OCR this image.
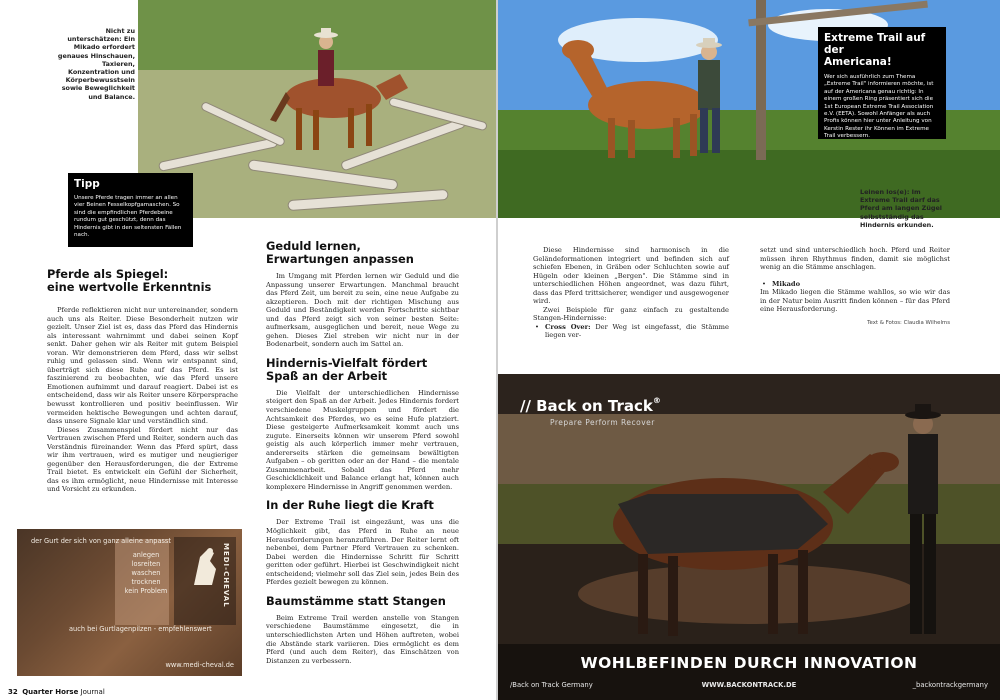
Nicht zu unterschätzen: Ein Mikado erfordert genaues Hinschauen, Taxieren, Konzentration und Körperbewusstsein sowie Beweglichkeit und Balance.
Tipp
Unsere Pferde tragen immer an allen vier Beinen Fesselkopfgamaschen. So sind die empfindlichen Pferdebeine rundum gut geschützt, denn das Hindernis gibt in den seltensten Fällen nach.
Extreme Trail auf der
Americana!
Wer sich ausführlich zum Thema „Extreme Trail" informieren möchte, ist auf der Americana genau richtig: In einem großen Ring präsentiert sich die 1st European Extreme Trail Association e.V. (EETA). Sowohl Anfänger als auch Profis können hier unter Anleitung von Kerstin Rester ihr Können im Extreme Trail verbessern.
Leinen los(e): Im Extreme Trail darf das Pferd am langen Zügel selbstständig das Hindernis erkunden.
Pferde als Spiegel:
eine wertvolle Erkenntnis

Pferde reflektieren nicht nur untereinander, sondern auch uns als Reiter. Diese Besonderheit nutzen wir gezielt. Unser Ziel ist es, dass das Pferd das Hindernis als interessant wahrnimmt und dabei seinen Kopf senkt. Daher gehen wir als Reiter mit gutem Beispiel voran. Wir demonstrieren dem Pferd, dass wir selbst ruhig und gelassen sind. Wenn wir entspannt sind, überträgt sich diese Ruhe auf das Pferd. Es ist faszinierend zu beobachten, wie das Pferd unsere Emotionen aufnimmt und darauf reagiert. Dabei ist es entscheidend, dass wir als Reiter unsere Körpersprache bewusst kontrollieren und positiv beeinflussen. Wir vermeiden hektische Bewegungen und achten darauf, dass unsere Signale klar und verständlich sind.

Dieses Zusammenspiel fördert nicht nur das Vertrauen zwischen Pferd und Reiter, sondern auch das Verständnis füreinander. Wenn das Pferd spürt, dass wir ihm vertrauen, wird es mutiger und neugieriger gegenüber den Herausforderungen, die der Extreme Trail bietet. Es entwickelt ein Gefühl der Sicherheit, das es ihm ermöglicht, neue Hindernisse mit Interesse und Vorsicht zu erkunden.

Geduld lernen,
Erwartungen anpassen

Im Umgang mit Pferden lernen wir Geduld und die Anpassung unserer Erwartungen. Manchmal braucht das Pferd Zeit, um bereit zu sein, eine neue Aufgabe zu akzeptieren. Doch mit der richtigen Mischung aus Geduld und Beständigkeit werden Fortschritte sichtbar und das Pferd zeigt sich von seiner besten Seite: aufmerksam, ausgeglichen und bereit, neue Wege zu gehen. Dieses Ziel streben wir nicht nur in der Bodenarbeit, sondern auch im Sattel an.

Hindernis-Vielfalt fördert
Spaß an der Arbeit

Die Vielfalt der unterschiedlichen Hindernisse steigert den Spaß an der Arbeit. Jedes Hindernis fordert verschiedene Muskelgruppen und fördert die Achtsamkeit des Pferdes, wo es seine Hufe platziert. Diese gesteigerte Aufmerksamkeit kommt auch uns zugute. Einerseits können wir unserem Pferd sowohl geistig als auch körperlich immer mehr vertrauen, andererseits stärken die gemeinsam bewältigten Aufgaben – ob geritten oder an der Hand – die mentale Zusammenarbeit. Sobald das Pferd mehr Geschicklichkeit und Balance erlangt hat, können auch komplexere Hindernisse in Angriff genommen werden.

In der Ruhe liegt die Kraft

Der Extreme Trail ist eingezäunt, was uns die Möglichkeit gibt, das Pferd in Ruhe an neue Herausforderungen heranzuführen. Der Reiter lernt oft nebenbei, dem Partner Pferd Vertrauen zu schenken. Dabei werden die Hindernisse Schritt für Schritt geritten oder geführt. Hierbei ist Geschwindigkeit nicht entscheidend; vielmehr soll das Ziel sein, jedes Bein des Pferdes gezielt bewegen zu können.

Baumstämme statt Stangen

Beim Extreme Trail werden anstelle von Stangen verschiedene Baumstämme eingesetzt, die in unterschiedlichsten Arten und Höhen auftreten, wobei die Abstände stark variieren. Dies ermöglicht es dem Pferd (und auch dem Reiter), das Einschätzen von Distanzen zu verbessern.

Diese Hindernisse sind harmonisch in die Geländeformationen integriert und befinden sich auf schiefen Ebenen, in Gräben oder Schluchten sowie auf Hügeln oder kleinen „Bergen". Die Stämme sind in unterschiedlichen Höhen angeordnet, was dazu führt, dass das Pferd trittsicherer, wendiger und ausgewogener wird.

Zwei Beispiele für ganz einfach zu gestaltende Stangen-Hindernisse:

• Cross Over: Der Weg ist eingefasst, die Stämme liegen ver-

setzt und sind unterschiedlich hoch. Pferd und Reiter müssen ihren Rhythmus finden, damit sie möglichst wenig an die Stämme anschlagen.

• Mikado

Im Mikado liegen die Stämme wahllos, so wie wir das in der Natur beim Ausritt finden können – für das Pferd eine Herausforderung.

Text & Fotos: Claudia Wilhelms
MEDI-CHEVAL
der Gurt der sich von ganz alleine anpasst
anlegen
losreiten
waschen
trocknen
kein Problem
auch bei Gurtlagenpilzen - empfehlenswert
www.medi-cheval.de
32 Quarter Horse Journal
∕∕ Back on Track®
Prepare Perform Recover
WOHLBEFINDEN DURCH INNOVATION
/Back on Track Germany	WWW.BACKONTRACK.DE	_backontrackgermany
